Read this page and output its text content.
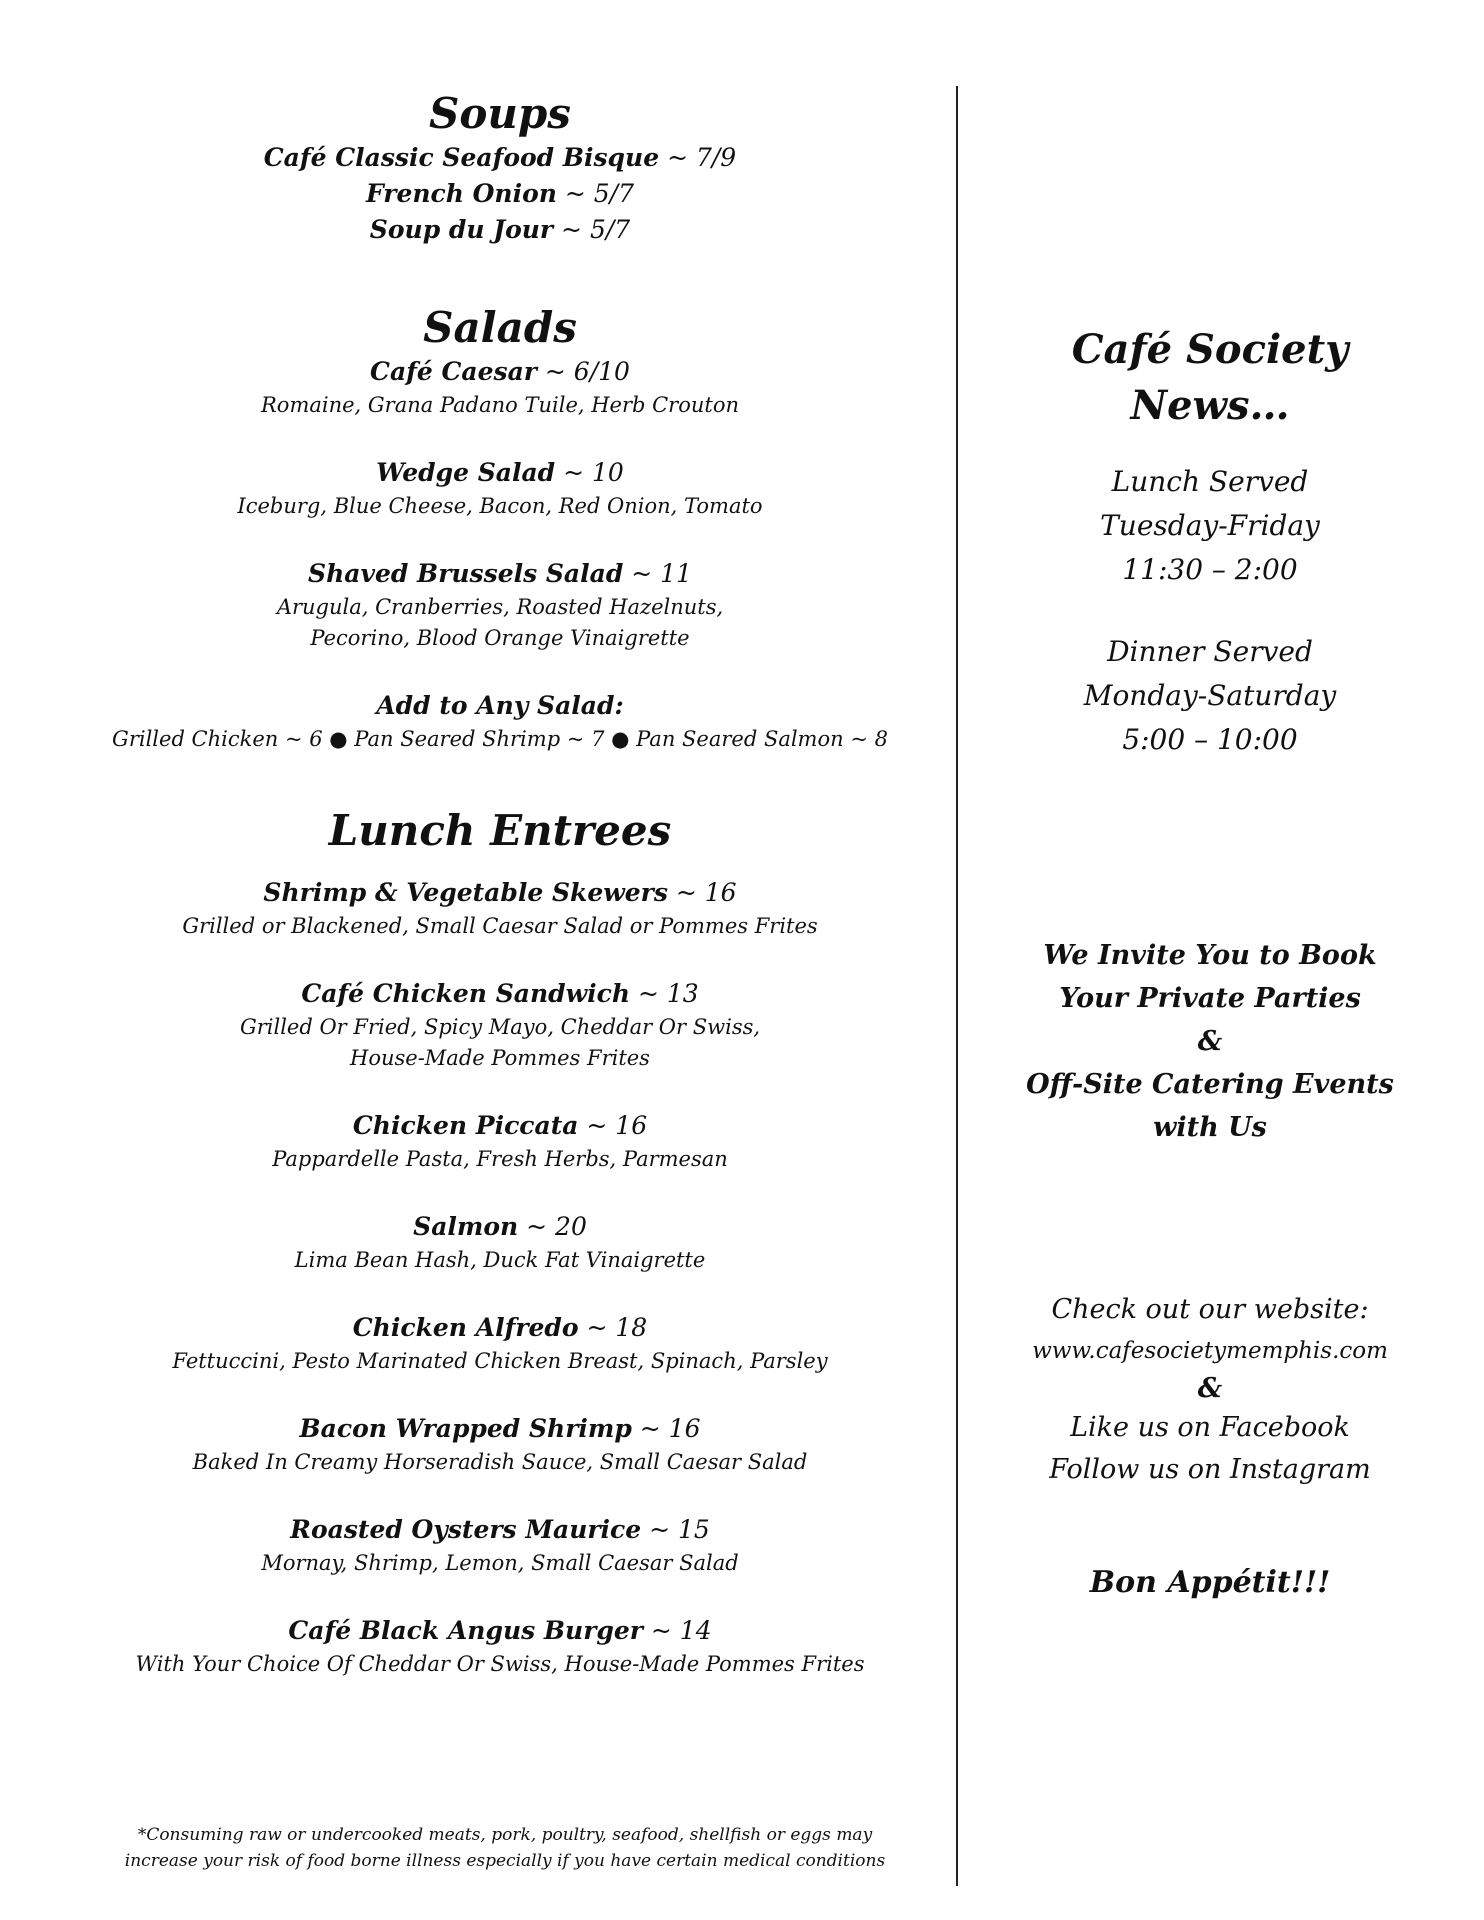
Soups
Café Classic Seafood Bisque ~ 7/9
French Onion ~ 5/7
Soup du Jour ~ 5/7
Salads
Café Caesar ~ 6/10
Romaine, Grana Padano Tuile, Herb Crouton
Wedge Salad ~ 10
Iceburg, Blue Cheese, Bacon, Red Onion, Tomato
Shaved Brussels Salad ~ 11
Arugula, Cranberries, Roasted Hazelnuts,
Pecorino, Blood Orange Vinaigrette
Add to Any Salad:
Grilled Chicken ~ 6 ● Pan Seared Shrimp ~ 7 ● Pan Seared Salmon ~ 8
Lunch Entrees
Shrimp & Vegetable Skewers ~ 16
Grilled or Blackened, Small Caesar Salad or Pommes Frites
Café Chicken Sandwich ~ 13
Grilled Or Fried, Spicy Mayo, Cheddar Or Swiss,
House-Made Pommes Frites
Chicken Piccata ~ 16
Pappardelle Pasta, Fresh Herbs, Parmesan
Salmon ~ 20
Lima Bean Hash, Duck Fat Vinaigrette
Chicken Alfredo ~ 18
Fettuccini, Pesto Marinated Chicken Breast, Spinach, Parsley
Bacon Wrapped Shrimp ~ 16
Baked In Creamy Horseradish Sauce, Small Caesar Salad
Roasted Oysters Maurice ~ 15
Mornay, Shrimp, Lemon, Small Caesar Salad
Café Black Angus Burger ~ 14
With Your Choice Of Cheddar Or Swiss, House-Made Pommes Frites
*Consuming raw or undercooked meats, pork, poultry, seafood, shellfish or eggs may
increase your risk of food borne illness especially if you have certain medical conditions
Café Society
News…
Lunch Served
Tuesday-Friday
11:30 – 2:00
Dinner Served
Monday-Saturday
5:00 – 10:00
We Invite You to Book
Your Private Parties
&
Off-Site Catering Events
with Us
Check out our website:
www.cafesocietymemphis.com
&
Like us on Facebook
Follow us on Instagram
Bon Appétit!!!
